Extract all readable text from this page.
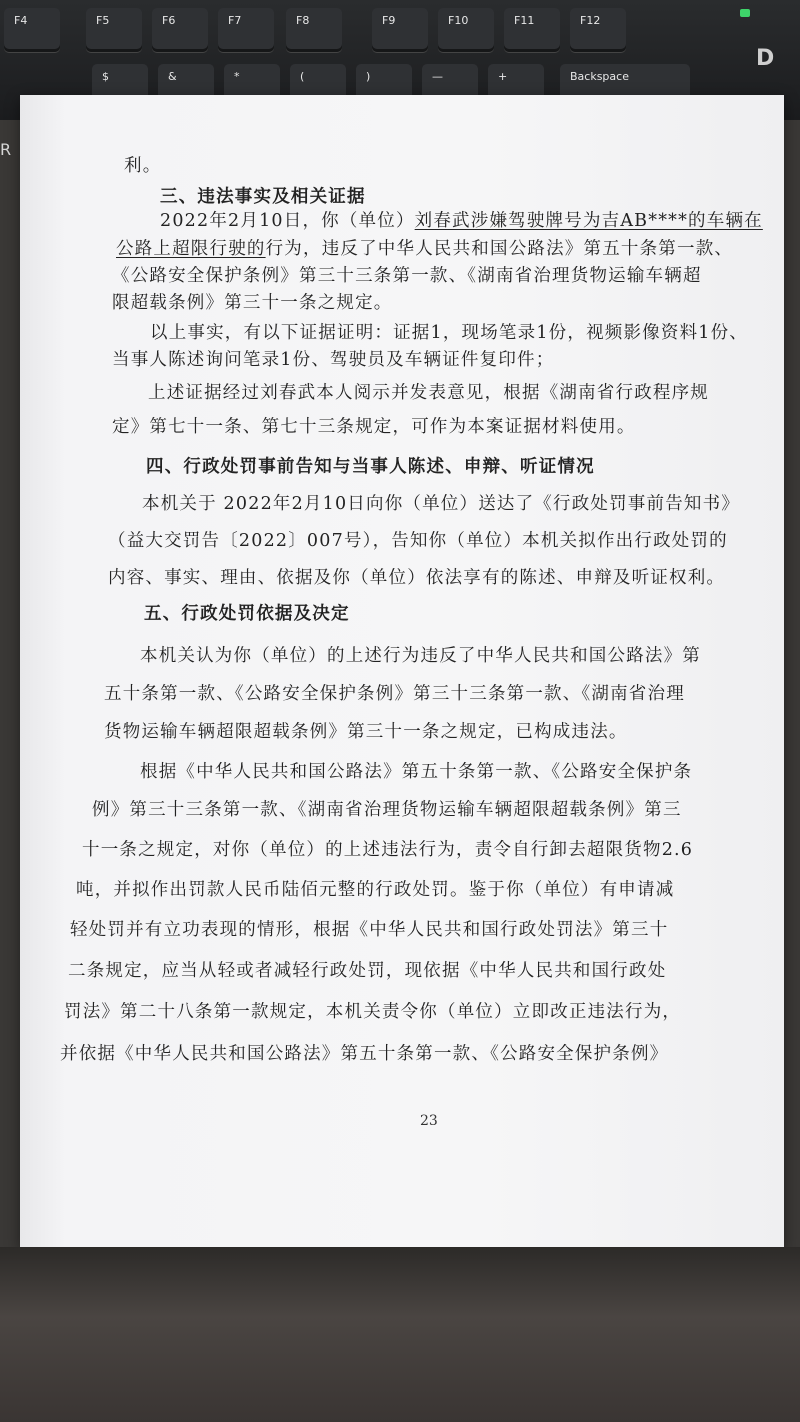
F4	F5	F6	F7	F8	F9	F10	F11	F12
$	&	*	(	)	—	+	Backspace
D
R
利。
三、违法事实及相关证据
2022年2月10日，你（单位）刘春武涉嫌驾驶牌号为吉AB****的车辆在
公路上超限行驶的行为，违反了中华人民共和国公路法》第五十条第一款、
《公路安全保护条例》第三十三条第一款、《湖南省治理货物运输车辆超
限超载条例》第三十一条之规定。
以上事实，有以下证据证明：证据1，现场笔录1份，视频影像资料1份、
当事人陈述询问笔录1份、驾驶员及车辆证件复印件；
上述证据经过刘春武本人阅示并发表意见，根据《湖南省行政程序规
定》第七十一条、第七十三条规定，可作为本案证据材料使用。
四、行政处罚事前告知与当事人陈述、申辩、听证情况
本机关于 2022年2月10日向你（单位）送达了《行政处罚事前告知书》
（益大交罚告〔2022〕007号），告知你（单位）本机关拟作出行政处罚的
内容、事实、理由、依据及你（单位）依法享有的陈述、申辩及听证权利。
五、行政处罚依据及决定
本机关认为你（单位）的上述行为违反了中华人民共和国公路法》第
五十条第一款、《公路安全保护条例》第三十三条第一款、《湖南省治理
货物运输车辆超限超载条例》第三十一条之规定，已构成违法。
根据《中华人民共和国公路法》第五十条第一款、《公路安全保护条
例》第三十三条第一款、《湖南省治理货物运输车辆超限超载条例》第三
十一条之规定，对你（单位）的上述违法行为，责令自行卸去超限货物2.6
吨，并拟作出罚款人民币陆佰元整的行政处罚。鉴于你（单位）有申请减
轻处罚并有立功表现的情形，根据《中华人民共和国行政处罚法》第三十
二条规定，应当从轻或者减轻行政处罚，现依据《中华人民共和国行政处
罚法》第二十八条第一款规定，本机关责令你（单位）立即改正违法行为，
并依据《中华人民共和国公路法》第五十条第一款、《公路安全保护条例》
23
